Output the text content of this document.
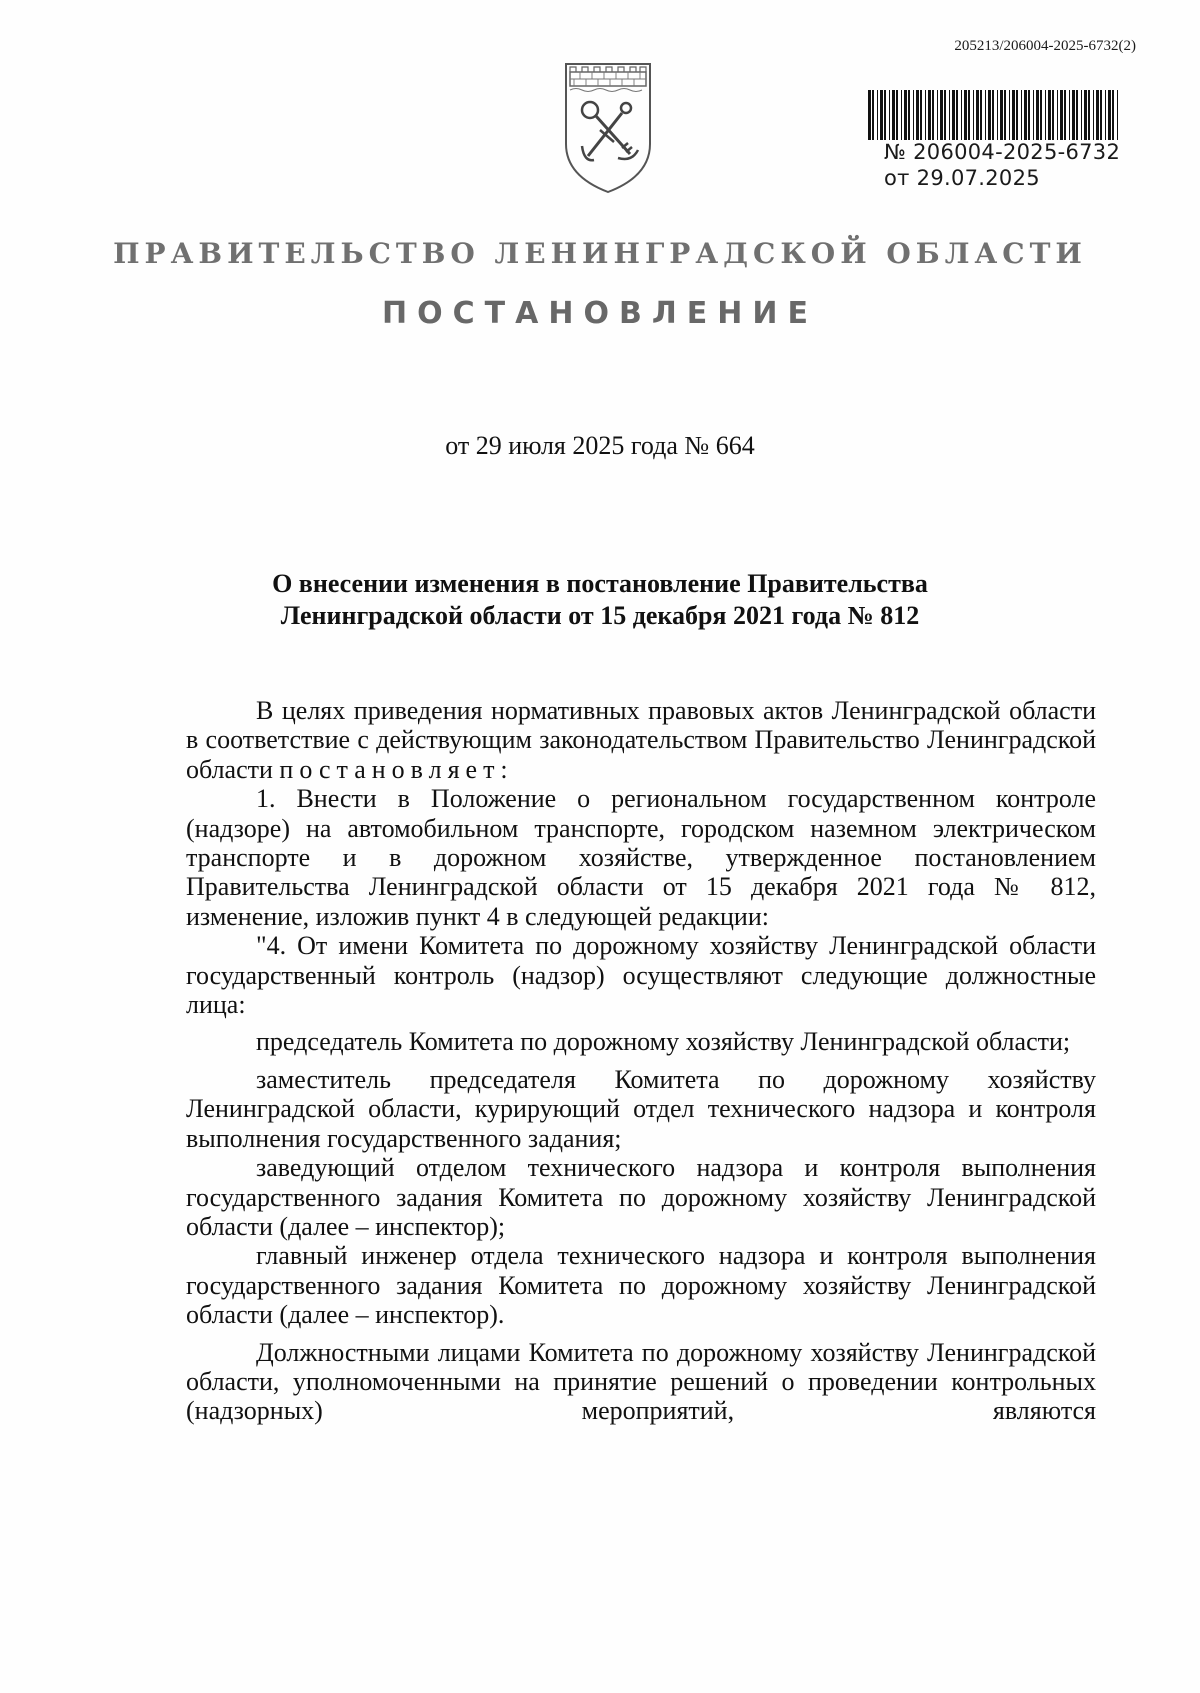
205213/206004-2025-6732(2)
№ 206004-2025-6732
от 29.07.2025
ПРАВИТЕЛЬСТВО ЛЕНИНГРАДСКОЙ ОБЛАСТИ
ПОСТАНОВЛЕНИЕ
от 29 июля 2025 года № 664
О внесении изменения в постановление Правительства
Ленинградской области от 15 декабря 2021 года № 812

В целях приведения нормативных правовых актов Ленинградской области в соответствие с действующим законодательством Правительство Ленинградской области постановляет:

1. Внести в Положение о региональном государственном контроле (надзоре) на автомобильном транспорте, городском наземном электрическом транспорте и в дорожном хозяйстве, утвержденное постановлением Правительства Ленинградской области от 15 декабря 2021 года № 812, изменение, изложив пункт 4 в следующей редакции:

"4. От имени Комитета по дорожному хозяйству Ленинградской области государственный контроль (надзор) осуществляют следующие должностные лица:

председатель Комитета по дорожному хозяйству Ленинградской области;

заместитель председателя Комитета по дорожному хозяйству Ленинградской области, курирующий отдел технического надзора и контроля выполнения государственного задания;

заведующий отделом технического надзора и контроля выполнения государственного задания Комитета по дорожному хозяйству Ленинградской области (далее – инспектор);

главный инженер отдела технического надзора и контроля выполнения государственного задания Комитета по дорожному хозяйству Ленинградской области (далее – инспектор).

Должностными лицами Комитета по дорожному хозяйству Ленинградской области, уполномоченными на принятие решений о проведении контрольных (надзорных) мероприятий, являются
